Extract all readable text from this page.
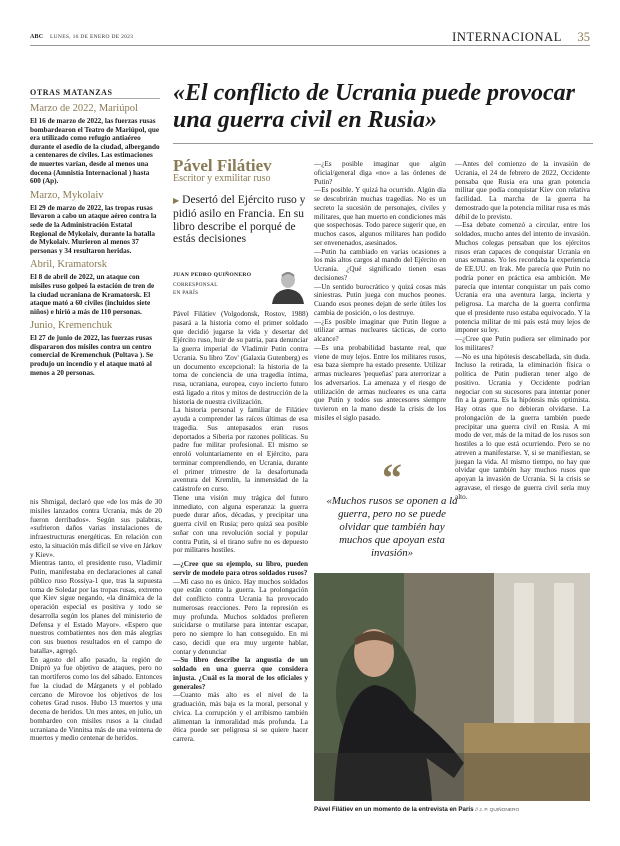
ABC LUNES, 16 DE ENERO DE 2023	INTERNACIONAL 35
OTRAS MATANZAS
Marzo de 2022, Mariúpol
El 16 de marzo de 2022, las fuerzas rusas bombardearon el Teatro de Mariúpol, que era utilizado como refugio antiaéreo durante el asedio de la ciudad, albergando a centenares de civiles. Las estimaciones de muertes varían, desde al menos una docena (Amnistía Internacional ) hasta 600 (Ap).
Marzo, Mykolaiv
El 29 de marzo de 2022, las tropas rusas llevaron a cabo un ataque aéreo contra la sede de la Administración Estatal Regional de Mykolaiv, durante la batalla de Mykolaiv. Murieron al menos 37 personas y 34 resultaron heridas.
Abril, Kramatorsk
El 8 de abril de 2022, un ataque con misiles ruso golpeó la estación de tren de la ciudad ucraniana de Kramatorsk. El ataque mató a 60 civiles (incluidos siete niños) e hirió a más de 110 personas.
Junio, Kremenchuk
El 27 de junio de 2022, las fuerzas rusas dispararon dos misiles contra un centro comercial de Kremenchuk (Poltava ). Se produjo un incendio y el ataque mató al menos a 20 personas.
«El conflicto de Ucrania puede provocar una guerra civil en Rusia»
Pável Filátiev
Escritor y exmilitar ruso
▶ Desertó del Ejército ruso y pidió asilo en Francia. En su libro describe el porqué de estás decisiones
JUAN PEDRO QUIÑONERO
CORRESPONSAL
EN PARÍS
nis Shmigal, declaró que «de los más de 30 misiles lanzados contra Ucrania, más de 20 fueron derribados». Según sus palabras, «sufrieron daños varias instalaciones de infraestructuras energéticas. En relación con esto, la situación más difícil se vive en Járkov y Kiev».
Mientras tanto, el presidente ruso, Vladimir Putin, manifestaba en declaraciones al canal público ruso Rossiya-1 que, tras la supuesta toma de Soledar por las tropas rusas, extremo que Kiev sigue negando, «la dinámica de la operación especial es positiva y todo se desarrolla según los planes del ministerio de Defensa y el Estado Mayor». «Espero que nuestros combatientes nos den más alegrías con sus buenos resultados en el campo de batalla», agregó.
En agosto del año pasado, la región de Dnipró ya fue objetivo de ataques, pero no tan mortíferos como los del sábado. Entonces fue la ciudad de Márganets y el poblado cercano de Mirovoe los objetivos de los cohetes Grad rusos. Hubo 13 muertos y una decena de heridos. Un mes antes, en julio, un bombardeo con misiles rusos a la ciudad ucraniana de Vinnitsa más de una veintena de muertos y medio centenar de heridos.
Pável Filátiev (Volgodonsk, Rostov, 1988) pasará a la historia como el primer soldado que decidió jugarse la vida y desertar del Ejército ruso, huir de su patria, para denunciar la guerra imperial de Vladimir Putin contra Ucrania. Su libro 'Zov' (Galaxia Gutenberg) es un documento excepcional: la historia de la toma de conciencia de una tragedia íntima, rusa, ucraniana, europea, cuyo incierto futuro está ligado a ritos y mitos de destrucción de la historia de nuestra civilización.
La historia personal y familiar de Filátiev ayuda a comprender las raíces últimas de esa tragedia. Sus antepasados eran rusos deportados a Siberia por razones políticas. Su padre fue militar profesional. El mismo se enroló voluntariamente en el Ejército, para terminar comprendiendo, en Ucrania, durante el primer trimestre de la desafortunada aventura del Kremlin, la inmensidad de la catástrofe en curso.
Tiene una visión muy trágica del futuro inmediato, con alguna esperanza: la guerra puede durar años, décadas, y precipitar una guerra civil en Rusia; pero quizá sea posible soñar con una revolución social y popular contra Putin, si el tirano sufre no es depuesto por militares hostiles.
—¿Cree que su ejemplo, su libro, pueden servir de modelo para otros soldados rusos?
—Mi caso no es único. Hay muchos soldados que están contra la guerra. La prolongación del conflicto contra Ucrania ha provocado numerosas reacciones. Pero la represión es muy profunda. Muchos soldados prefieren suicidarse o mutilarse para intentar escapar, pero no siempre lo han conseguido. En mi caso, decidí que era muy urgente hablar, contar y denunciar
—Su libro describe la angustia de un soldado en una guerra que considera injusta. ¿Cuál es la moral de los oficiales y generales?
—Cuanto más alto es el nivel de la graduación, más baja es la moral, personal y cívica. La corrupción y el arribismo también alimentan la inmoralidad más profunda. La ética puede ser peligrosa si se quiere hacer carrera.
—¿Es posible imaginar que algún oficial/general diga «no» a las órdenes de Putin?
—Es posible. Y quizá ha ocurrido. Algún día se descubrirán muchas tragedias. No es un secreto la sucesión de personajes, civiles y militares, que han muerto en condiciones más que sospechosas. Todo parece sugerir que, en muchos casos, algunos militares han podido ser envenenados, asesinados.
—Putin ha cambiado en varias ocasiones a los más altos cargos al mando del Ejército en Ucrania. ¿Qué significado tienen esas decisiones?
—Un sentido burocrático y quizá cosas más siniestras. Putin juega con muchos peones. Cuando esos peones dejan de serle útiles los cambia de posición, o los destruye.
—¿Es posible imaginar que Putin llegue a utilizar armas nucleares tácticas, de corto alcance?
—Es una probabilidad bastante real, que viene de muy lejos. Entre los militares rusos, esa baza siempre ha estado presente. Utilizar armas nucleares 'pequeñas' para aterrorizar a los adversarios. La amenaza y el riesgo de utilización de armas nucleares es una carta que Putin y todos sus antecesores siempre tuvieron en la mano desde la crisis de los misiles el siglo pasado.
—Antes del comienzo de la invasión de Ucrania, el 24 de febrero de 2022, Occidente pensaba que Rusia era una gran potencia militar que podía conquistar Kiev con relativa facilidad. La marcha de la guerra ha demostrado que la potencia militar rusa es más débil de lo previsto.
—Esa debate comenzó a circular, entre los soldados, mucho antes del intento de invasión. Muchos colegas pensaban que los ejércitos rusos eran capaces de conquistar Ucrania en unas semanas. Yo les recordaba la experiencia de EE.UU. en Irak. Me parecía que Putin no podría poner en práctica esa ambición. Me parecía que intentar conquistar un país como Ucrania era una aventura larga, incierta y peligrosa. La marcha de la guerra confirma que el presidente ruso estaba equivocado. Y la potencia militar de mi país está muy lejos de imponer su ley.
—¿Cree que Putin pudiera ser eliminado por los militares?
—No es una hipótesis descabellada, sin duda. Incluso la retirada, la eliminación física o política de Putin pudieran tener algo de positivo. Ucrania y Occidente podrían negociar con su sucesores para intentar poner fin a la guerra. Es la hipótesis más optimista. Hay otras que no debieran olvidarse. La prolongación de la guerra también puede precipitar una guerra civil en Rusia. A mi modo de ver, más de la mitad de los rusos son hostiles a lo que está ocurriendo. Pero se no atreven a manifestarse. Y, si se manifiestan, se juegan la vida. Al mismo tiempo, no hay que olvidar que también hay muchos rusos que apoyan la invasión de Ucrania. Si la crisis se agravase, el riesgo de guerra civil sería muy alto.
“
«Muchos rusos se oponen a la guerra, pero no se puede olvidar que también hay muchos que apoyan esta invasión»
Pável Filátiev en un momento de la entrevista en París // J. P. QUIÑONERO
